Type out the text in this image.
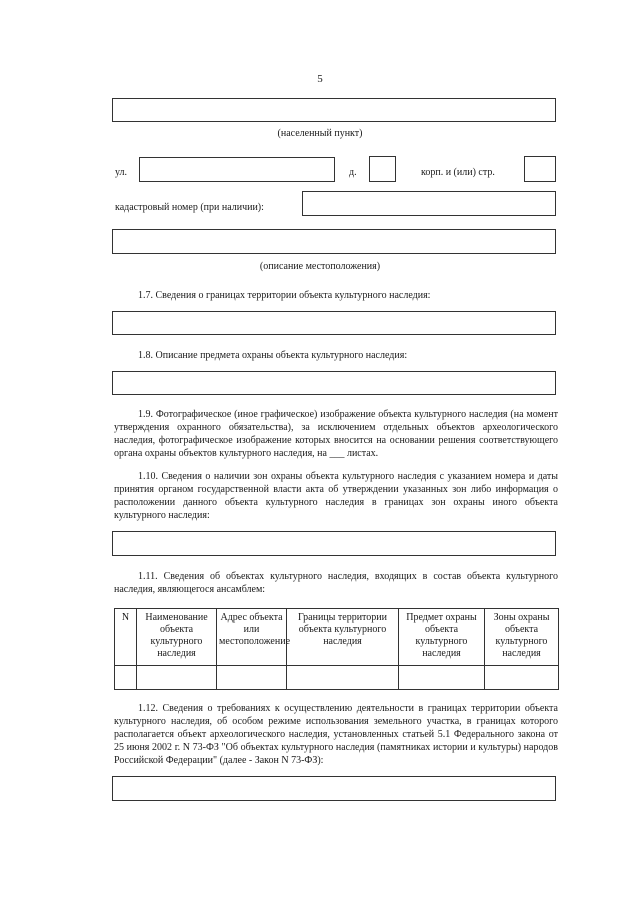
5
(населенный пункт)
ул.	д.	корп. и (или) стр.
кадастровый номер (при наличии):
(описание местоположения)
1.7. Сведения о границах территории объекта культурного наследия:
1.8. Описание предмета охраны объекта культурного наследия:
1.9. Фотографическое (иное графическое) изображение объекта культурного наследия (на момент утверждения охранного обязательства), за исключением отдельных объектов археологического наследия, фотографическое изображение которых вносится на основании решения соответствующего органа охраны объектов культурного наследия, на ___ листах.
1.10. Сведения о наличии зон охраны объекта культурного наследия с указанием номера и даты принятия органом государственной власти акта об утверждении указанных зон либо информация о расположении данного объекта культурного наследия в границах зон охраны иного объекта культурного наследия:
1.11. Сведения об объектах культурного наследия, входящих в состав объекта культурного наследия, являющегося ансамблем:
N	Наименование объекта культурного наследия	Адрес объекта или местоположение	Границы территории объекта культурного наследия	Предмет охраны объекта культурного наследия	Зоны охраны объекта культурного наследия

1.12. Сведения о требованиях к осуществлению деятельности в границах территории объекта культурного наследия, об особом режиме использования земельного участка, в границах которого располагается объект археологического наследия, установленных статьей 5.1 Федерального закона от 25 июня 2002 г. N 73-ФЗ "Об объектах культурного наследия (памятниках истории и культуры) народов Российской Федерации" (далее - Закон N 73-ФЗ):
